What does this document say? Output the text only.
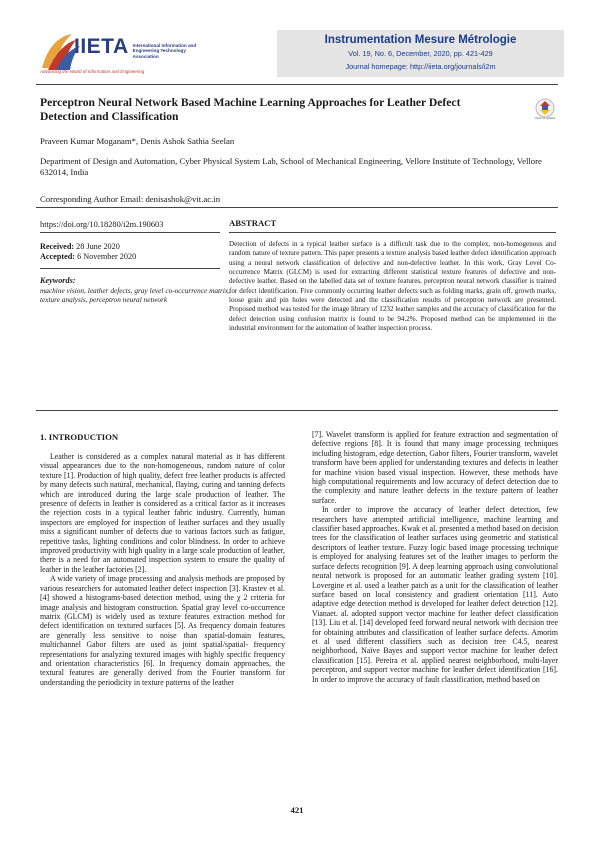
IIETA International Information and Engineering Technology Association
Advancing the World of Information and Engineering
Instrumentation Mesure Métrologie
Vol. 19, No. 6, December, 2020, pp. 421-429
Journal homepage: http://iieta.org/journals/i2m
Perceptron Neural Network Based Machine Learning Approaches for Leather Defect
Detection and Classification	check for updates
Praveen Kumar Moganam*, Denis Ashok Sathia Seelan
Department of Design and Automation, Cyber Physical System Lab, School of Mechanical Engineering, Vellore Institute of Technology, Vellore 632014, India
Corresponding Author Email: denisashok@vit.ac.in
https://doi.org/10.18280/i2m.190603
Received: 28 June 2020
Accepted: 6 November 2020
Keywords:
machine vision, leather defects, gray level co-occurrence matrix, texture analysis, perceptron neural network
ABSTRACT
Detection of defects in a typical leather surface is a difficult task due to the complex, non-homogenous and random nature of texture pattern. This paper presents a texture analysis based leather defect identification approach using a neural network classification of defective and non-defective leather. In this work, Gray Level Co-occurrence Matrix (GLCM) is used for extracting different statistical texture features of defective and non-defective leather. Based on the labelled data set of texture features, perceptron neural network classifier is trained for defect identification. Five commonly occurring leather defects such as folding marks, grain off, growth marks, loose grain and pin holes were detected and the classification results of perceptron network are presented. Proposed method was tested for the image library of 1232 leather samples and the accuracy of classification for the defect detection using confusion matrix is found to be 94.2%. Proposed method can be implemented in the industrial environment for the automation of leather inspection process.
1. INTRODUCTION

Leather is considered as a complex natural material as it has different visual appearances due to the non-homogeneous, random nature of color texture [1]. Production of high quality, defect free leather products is affected by many defects such natural, mechanical, flaying, curing and tanning defects which are introduced during the large scale production of leather. The presence of defects in leather is considered as a critical factor as it increases the rejection costs in a typical leather fabric industry. Currently, human inspectors are employed for inspection of leather surfaces and they usually miss a significant number of defects due to various factors such as fatigue, repetitive tasks, lighting conditions and color blindness. In order to achieve improved productivity with high quality in a large scale production of leather, there is a need for an automated inspection system to ensure the quality of leather in the leather factories [2].

A wide variety of image processing and analysis methods are proposed by various researchers for automated leather defect inspection [3]. Krastev et al. [4] showed a histograms-based detection method, using the χ 2 criteria for image analysis and histogram construction. Spatial gray level co-occurrence matrix (GLCM) is widely used as texture features extraction method for defect identification on textured surfaces [5]. As frequency domain features are generally less sensitive to noise than spatial-domain features, multichannel Gabor filters are used as joint spatial/spatial- frequency representations for analyzing textured images with highly specific frequency and orientation characteristics [6]. In frequency domain approaches, the textural features are generally derived from the Fourier transform for understanding the periodicity in texture patterns of the leather

[7]. Wavelet transform is applied for feature extraction and segmentation of defective regions [8]. It is found that many image processing techniques including histogram, edge detection, Gabor filters, Fourier transform, wavelet transform have been applied for understanding textures and defects in leather for machine vision based visual inspection. However, these methods have high computational requirements and low accuracy of defect detection due to the complexity and nature leather defects in the texture pattern of leather surface.

In order to improve the accuracy of leather defect detection, few researchers have attempted artificial intelligence, machine learning and classifier based approaches. Kwak et al. presented a method based on decision trees for the classification of leather surfaces using geometric and statistical descriptors of leather texture. Fuzzy logic based image processing technique is employed for analysing features set of the leather images to perform the surface defects recognition [9]. A deep learning approach using convolutional neural network is proposed for an automatic leather grading system [10]. Lovergine et al. used a leather patch as a unit for the classification of leather surface based on local consistency and gradient orientation [11]. Auto adaptive edge detection method is developed for leather defect detection [12]. Vianaet. al. adopted support vector machine for leather defect classification [13]. Liu et al. [14] developed feed forward neural network with decision tree for obtaining attributes and classification of leather surface defects. Amorim et al used different classifiers such as decision tree C4.5, nearest neighborhood, Naïve Bayes and support vector machine for leather defect classification [15]. Pereira et al. applied nearest neighborhood, multi-layer perceptron, and support vector machine for leather defect identification [16]. In order to improve the accuracy of fault classification, method based on

421
